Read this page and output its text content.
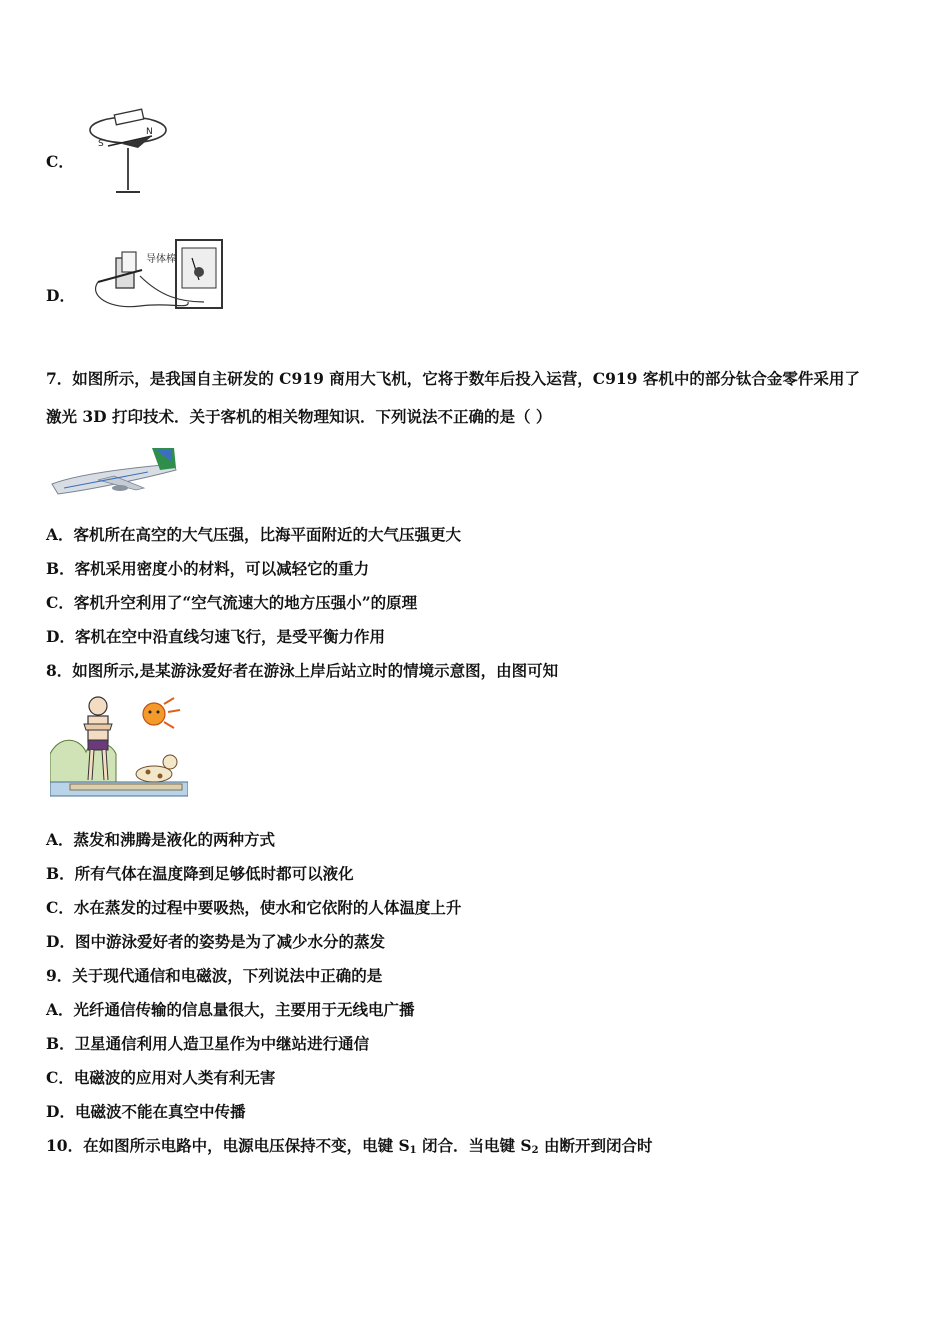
C．
S
N
D．
导体棒
7．如图所示，是我国自主研发的 C919 商用大飞机，它将于数年后投入运营，C919 客机中的部分钛合金零件采用了
激光 3D 打印技术．关于客机的相关物理知识．下列说法不正确的是（ ）
A．客机所在高空的大气压强，比海平面附近的大气压强更大
B．客机采用密度小的材料，可以减轻它的重力
C．客机升空利用了“空气流速大的地方压强小”的原理
D．客机在空中沿直线匀速飞行，是受平衡力作用
8．如图所示,是某游泳爱好者在游泳上岸后站立时的情境示意图，由图可知
A．蒸发和沸腾是液化的两种方式
B．所有气体在温度降到足够低时都可以液化
C．水在蒸发的过程中要吸热，使水和它依附的人体温度上升
D．图中游泳爱好者的姿势是为了减少水分的蒸发
9．关于现代通信和电磁波，下列说法中正确的是
A．光纤通信传输的信息量很大，主要用于无线电广播
B．卫星通信利用人造卫星作为中继站进行通信
C．电磁波的应用对人类有利无害
D．电磁波不能在真空中传播
10．在如图所示电路中，电源电压保持不变，电键 $S_1$ 闭合．当电键 $S_2$ 由断开到闭合时
